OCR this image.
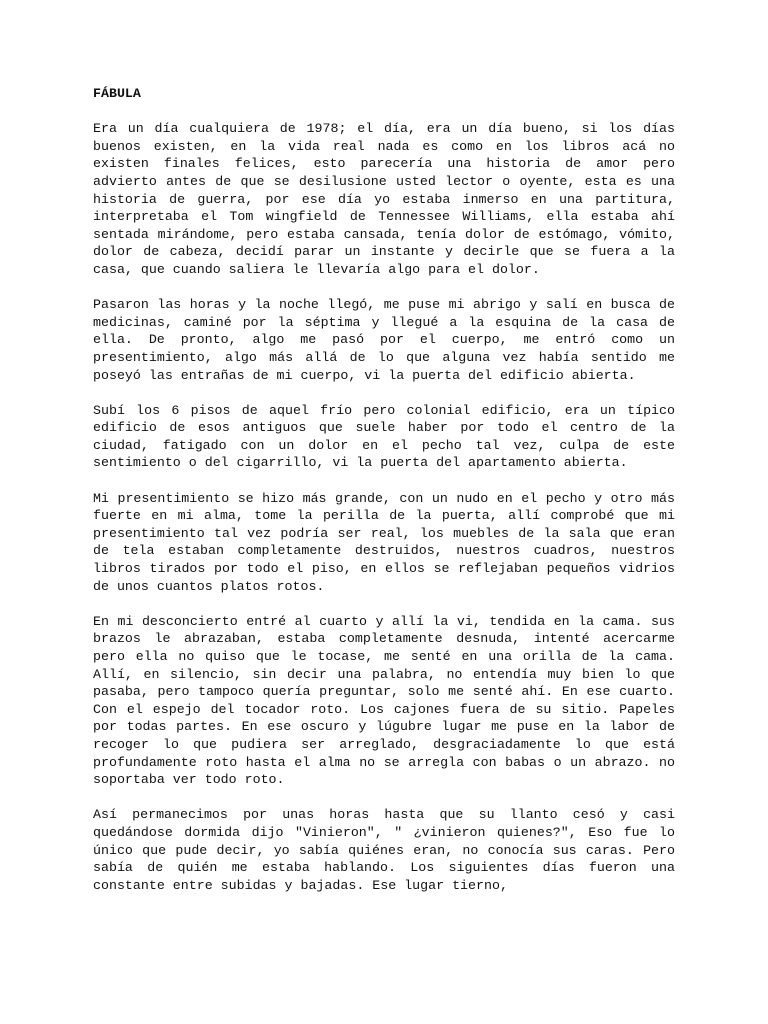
FÁBULA

Era un día cualquiera de 1978; el día, era un día bueno, si los días buenos existen, en la vida real nada es como en los libros acá no existen finales felices, esto parecería una historia de amor pero advierto antes de que se desilusione usted lector o oyente, esta es una historia de guerra, por ese día yo estaba inmerso en una partitura, interpretaba el Tom wingfield de Tennessee Williams, ella estaba ahí sentada mirándome, pero estaba cansada, tenía dolor de estómago, vómito, dolor de cabeza, decidí parar un instante y decirle que se fuera a la casa, que cuando saliera le llevaría algo para el dolor.

Pasaron las horas y la noche llegó, me puse mi abrigo y salí en busca de medicinas, caminé por la séptima y llegué a la esquina de la casa de ella. De pronto, algo me pasó por el cuerpo, me entró como un presentimiento, algo más allá de lo que alguna vez había sentido me poseyó las entrañas de mi cuerpo, vi la puerta del edificio abierta.

Subí los 6 pisos de aquel frío pero colonial edificio, era un típico edificio de esos antiguos que suele haber por todo el centro de la ciudad, fatigado con un dolor en el pecho tal vez, culpa de este sentimiento o del cigarrillo, vi la puerta del apartamento abierta.

Mi presentimiento se hizo más grande, con un nudo en el pecho y otro más fuerte en mi alma, tome la perilla de la puerta, allí comprobé que mi presentimiento tal vez podría ser real, los muebles de la sala que eran de tela estaban completamente destruidos, nuestros cuadros, nuestros libros tirados por todo el piso, en ellos se reflejaban pequeños vidrios de unos cuantos platos rotos.

En mi desconcierto entré al cuarto y allí la vi, tendida en la cama. sus brazos le abrazaban, estaba completamente desnuda, intenté acercarme pero ella no quiso que le tocase, me senté en una orilla de la cama. Allí, en silencio, sin decir una palabra, no entendía muy bien lo que pasaba, pero tampoco quería preguntar, solo me senté ahí. En ese cuarto. Con el espejo del tocador roto. Los cajones fuera de su sitio. Papeles por todas partes. En ese oscuro y lúgubre lugar me puse en la labor de recoger lo que pudiera ser arreglado, desgraciadamente lo que está profundamente roto hasta el alma no se arregla con babas o un abrazo. no soportaba ver todo roto.

Así permanecimos por unas horas hasta que su llanto cesó y casi quedándose dormida dijo "Vinieron", " ¿vinieron quienes?", Eso fue lo único que pude decir, yo sabía quiénes eran, no conocía sus caras. Pero sabía de quién me estaba hablando. Los siguientes días fueron una constante entre subidas y bajadas. Ese lugar tierno,
